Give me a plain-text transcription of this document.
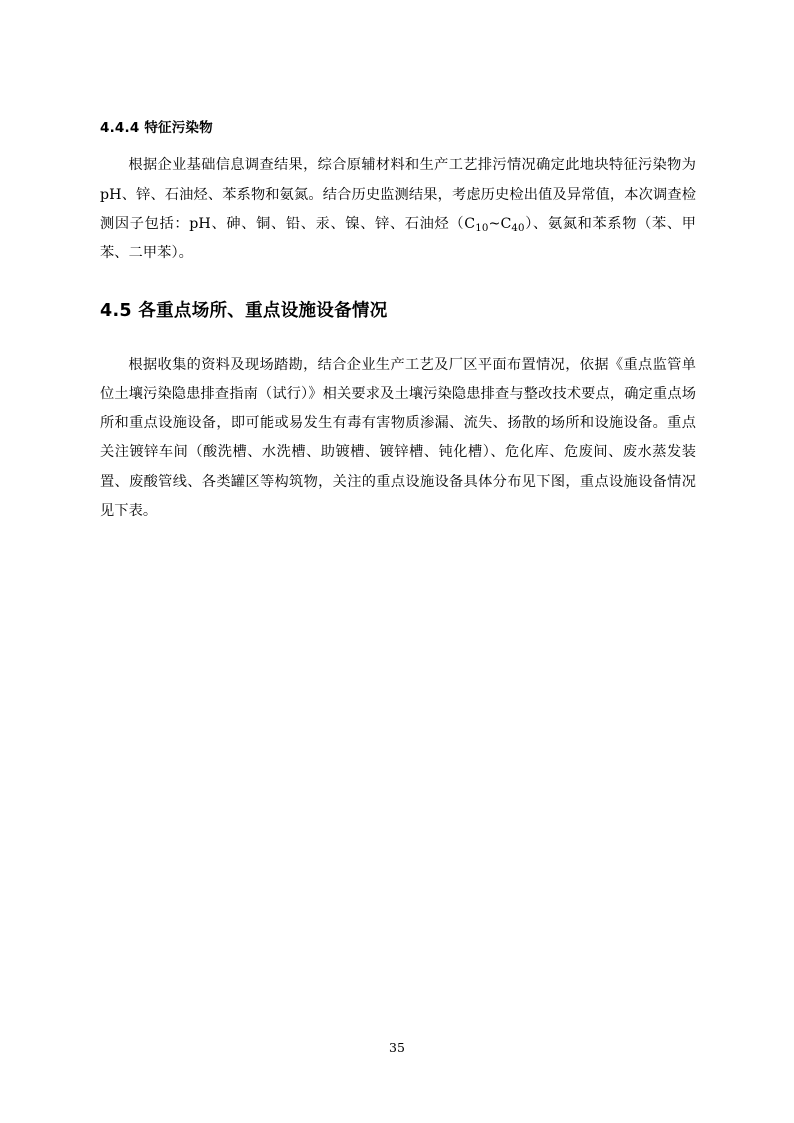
4.4.4 特征污染物

根据企业基础信息调查结果，综合原辅材料和生产工艺排污情况确定此地块特征污染物为 pH、锌、石油烃、苯系物和氨氮。结合历史监测结果，考虑历史检出值及异常值，本次调查检测因子包括：pH、砷、铜、铅、汞、镍、锌、石油烃$(C_{10}\sim C_{40})$、氨氮和苯系物（苯、甲苯、二甲苯）。

4.5 各重点场所、重点设施设备情况

根据收集的资料及现场踏勘，结合企业生产工艺及厂区平面布置情况，依据《重点监管单位土壤污染隐患排查指南（试行）》相关要求及土壤污染隐患排查与整改技术要点，确定重点场所和重点设施设备，即可能或易发生有毒有害物质渗漏、流失、扬散的场所和设施设备。重点关注镀锌车间（酸洗槽、水洗槽、助镀槽、镀锌槽、钝化槽）、危化库、危废间、废水蒸发装置、废酸管线、各类罐区等构筑物，关注的重点设施设备具体分布见下图，重点设施设备情况见下表。

35
